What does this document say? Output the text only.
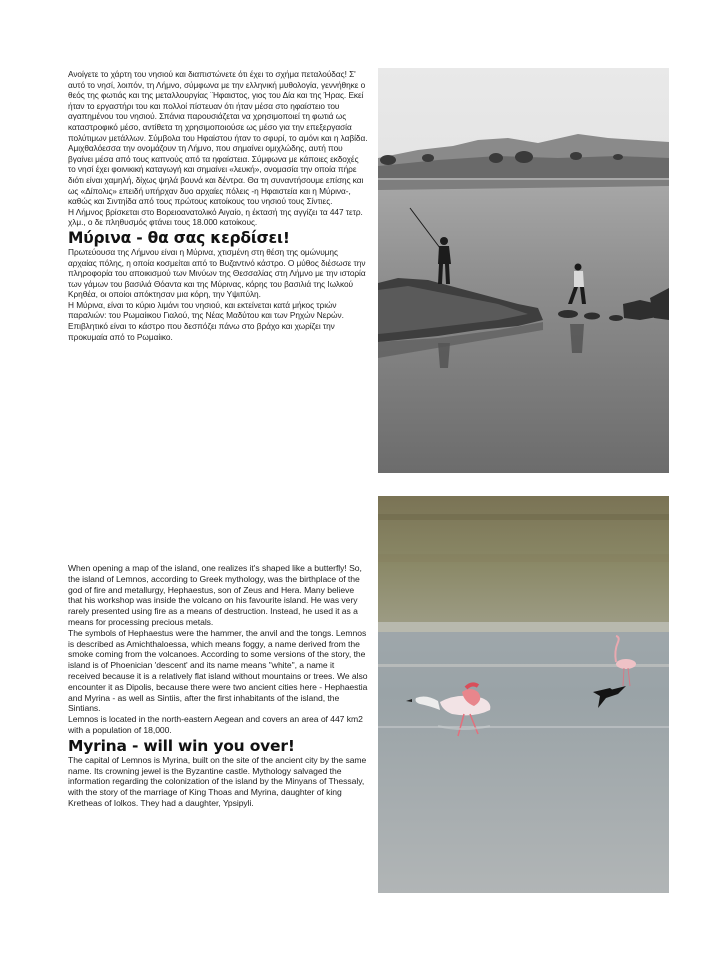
Ανοίγετε το χάρτη του νησιού και διαπιστώνετε ότι έχει το σχήμα πεταλούδας! Σ' αυτό το νησί, λοιπόν, τη Λήμνο, σύμφωνα με την ελληνική μυθολογία, γεννήθηκε ο θεός της φωτιάς και της μεταλλουργίας ¨Ηφαιστος, γιος του Δία και της Ήρας. Εκεί ήταν το εργαστήρι του και πολλοί πίστευαν ότι ήταν μέσα στο ηφαίστειο του αγαπημένου του νησιού. Σπάνια παρουσιάζεται να χρησιμοποιεί τη φωτιά ως καταστροφικό μέσο, αντίθετα τη χρησιμοποιούσε ως μέσο για την επεξεργασία πολύτιμων μετάλλων. Σύμβολα του Ηφαίστου ήταν το σφυρί, το αμόνι και η λαβίδα.

Αμιχθαλόεσσα την ονομάζουν τη Λήμνο, που σημαίνει ομιχλώδης, αυτή που βγαίνει μέσα από τους καπνούς από τα ηφαίστεια. Σύμφωνα με κάποιες εκδοχές το νησί έχει φοινικική καταγωγή και σημαίνει «λευκή», ονομασία την οποία πήρε διότι είναι χαμηλή, δίχως ψηλά βουνά και δέντρα. Θα τη συναντήσουμε επίσης και ως «Δίπολις» επειδή υπήρχαν δυο αρχαίες πόλεις -η Ηφαιστεία και η Μύρινα-, καθώς και Σιντηίδα από τους πρώτους κατοίκους του νησιού τους Σίντιες.

Η Λήμνος βρίσκεται στο Βορειοανατολικό Αιγαίο, η έκτασή της αγγίζει τα 447 τετρ. χλμ., ο δε πληθυσμός φτάνει τους 18.000 κατοίκους.

Μύρινα - θα σας κερδίσει!

Πρωτεύουσα της Λήμνου είναι η Μύρινα, χτισμένη στη θέση της ομώνυμης αρχαίας πόλης, η οποία κοσμείται από το Βυζαντινό κάστρο. Ο μύθος διέσωσε την πληροφορία του αποικισμού των Μινύων της Θεσσαλίας στη Λήμνο με την ιστορία των γάμων του βασιλιά Θόαντα και της Μύρινας, κόρης του βασιλιά της Ιωλκού Κρηθέα, οι οποίοι απόκτησαν μια κόρη, την Υψιπύλη.

Η Μύρινα, είναι το κύριο λιμάνι του νησιού, και εκτείνεται κατά μήκος τριών παραλιών: του Ρωμαίικου Γιαλού, της Νέας Μαδύτου και των Ρηχών Νερών. Επιβλητικό είναι το κάστρο που δεσπόζει πάνω στο βράχο και χωρίζει την προκυμαία από το Ρωμαίικο.

When opening a map of the island, one realizes it's shaped like a butterfly! So, the island of Lemnos, according to Greek mythology, was the birthplace of the god of fire and metallurgy, Hephaestus, son of Zeus and Hera. Many believe that his workshop was inside the volcano on his favourite island. He was very rarely presented using fire as a means of destruction. Instead, he used it as a means for processing precious metals.

The symbols of Hephaestus were the hammer, the anvil and the tongs. Lemnos is described as Amichthaloessa, which means foggy, a name derived from the smoke coming from the volcanoes. According to some versions of the story, the island is of Phoenician 'descent' and its name means "white", a name it received because it is a relatively flat island without mountains or trees. We also encounter it as Dipolis, because there were two ancient cities here - Hephaestia and Myrina - as well as Sintiis, after the first inhabitants of the island, the Sintians.

Lemnos is located in the north-eastern Aegean and covers an area of 447 km2 with a population of 18,000.

Myrina - will win you over!

The capital of Lemnos is Myrina, built on the site of the ancient city by the same name. Its crowning jewel is the Byzantine castle. Mythology salvaged the information regarding the colonization of the island by the Minyans of Thessaly, with the story of the marriage of King Thoas and Myrina, daughter of king Kretheas of Iolkos. They had a daughter, Ypsipyli.
